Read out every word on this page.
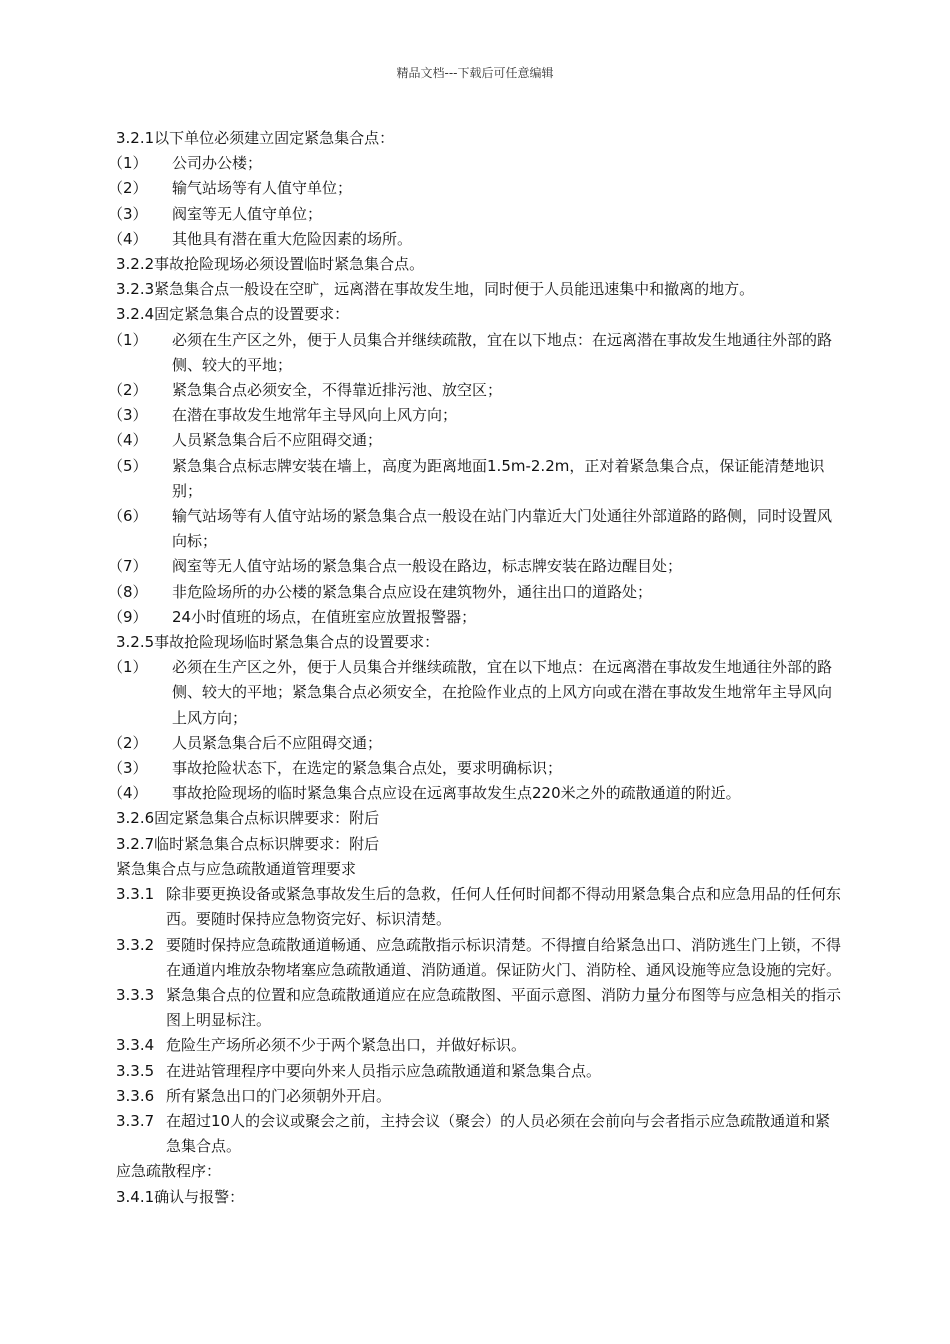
精品文档---下载后可任意编辑
3.2.1以下单位必须建立固定紧急集合点：
（1）	公司办公楼；
（2）	输气站场等有人值守单位；
（3）	阀室等无人值守单位；
（4）	其他具有潜在重大危险因素的场所。
3.2.2事故抢险现场必须设置临时紧急集合点。
3.2.3紧急集合点一般设在空旷，远离潜在事故发生地，同时便于人员能迅速集中和撤离的地方。
3.2.4固定紧急集合点的设置要求：
（1）	必须在生产区之外，便于人员集合并继续疏散，宜在以下地点：在远离潜在事故发生地通往外部的路侧、较大的平地；
（2）	紧急集合点必须安全，不得靠近排污池、放空区；
（3）	在潜在事故发生地常年主导风向上风方向；
（4）	人员紧急集合后不应阻碍交通；
（5）	紧急集合点标志牌安装在墙上，高度为距离地面1.5m-2.2m，正对着紧急集合点，保证能清楚地识别；
（6）	输气站场等有人值守站场的紧急集合点一般设在站门内靠近大门处通往外部道路的路侧，同时设置风向标；
（7）	阀室等无人值守站场的紧急集合点一般设在路边，标志牌安装在路边醒目处；
（8）	非危险场所的办公楼的紧急集合点应设在建筑物外，通往出口的道路处；
（9）	24小时值班的场点，在值班室应放置报警器；
3.2.5事故抢险现场临时紧急集合点的设置要求：
（1）	必须在生产区之外，便于人员集合并继续疏散，宜在以下地点：在远离潜在事故发生地通往外部的路侧、较大的平地；紧急集合点必须安全，在抢险作业点的上风方向或在潜在事故发生地常年主导风向上风方向；
（2）	人员紧急集合后不应阻碍交通；
（3）	事故抢险状态下，在选定的紧急集合点处，要求明确标识；
（4）	事故抢险现场的临时紧急集合点应设在远离事故发生点220米之外的疏散通道的附近。
3.2.6固定紧急集合点标识牌要求：附后
3.2.7临时紧急集合点标识牌要求：附后
紧急集合点与应急疏散通道管理要求
3.3.1 除非要更换设备或紧急事故发生后的急救，任何人任何时间都不得动用紧急集合点和应急用品的任何东西。要随时保持应急物资完好、标识清楚。
3.3.2 要随时保持应急疏散通道畅通、应急疏散指示标识清楚。不得擅自给紧急出口、消防逃生门上锁，不得在通道内堆放杂物堵塞应急疏散通道、消防通道。保证防火门、消防栓、通风设施等应急设施的完好。
3.3.3 紧急集合点的位置和应急疏散通道应在应急疏散图、平面示意图、消防力量分布图等与应急相关的指示图上明显标注。
3.3.4 危险生产场所必须不少于两个紧急出口，并做好标识。
3.3.5 在进站管理程序中要向外来人员指示应急疏散通道和紧急集合点。
3.3.6 所有紧急出口的门必须朝外开启。
3.3.7 在超过10人的会议或聚会之前，主持会议（聚会）的人员必须在会前向与会者指示应急疏散通道和紧急集合点。
应急疏散程序：
3.4.1确认与报警：
